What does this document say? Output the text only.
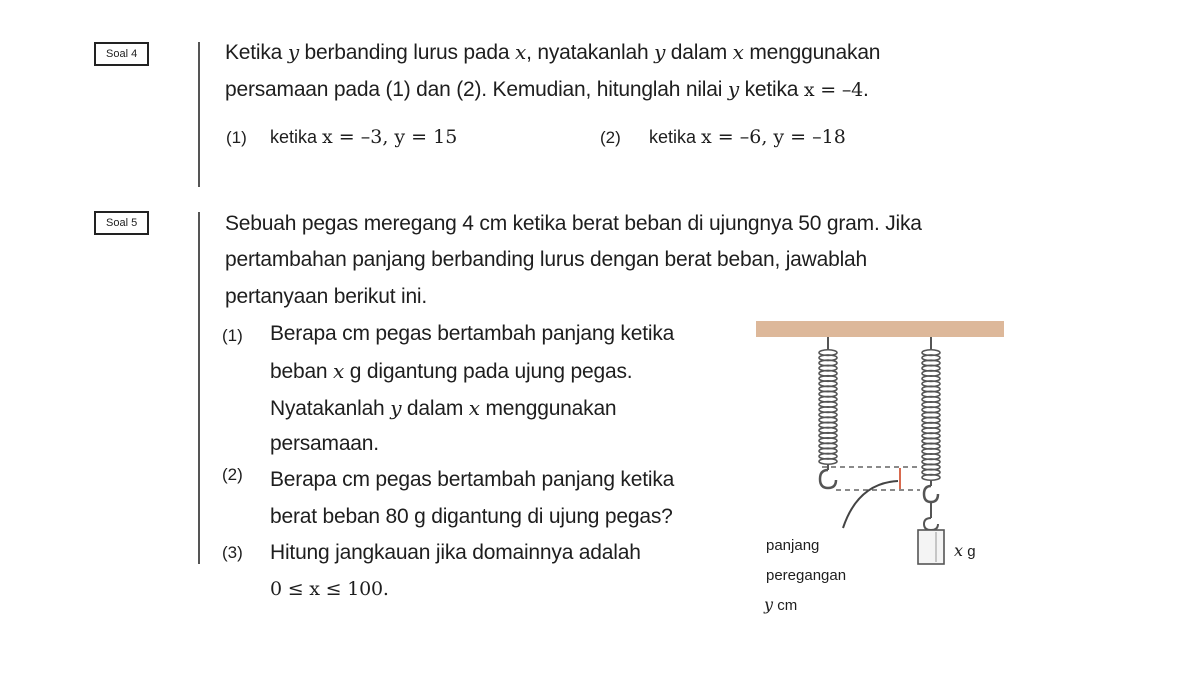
Soal 4	Ketika y berbanding lurus pada x, nyatakanlah y dalam x menggunakan
persamaan pada (1) dan (2). Kemudian, hitunglah nilai y ketika x = –4.
(1) ketika x = –3, y = 15	(2) ketika x = –6, y = –18
Soal 5	Sebuah pegas meregang 4 cm ketika berat beban di ujungnya 50 gram. Jika
pertambahan panjang berbanding lurus dengan berat beban, jawablah
pertanyaan berikut ini.
(1) Berapa cm pegas bertambah panjang ketika
beban x g digantung pada ujung pegas.
Nyatakanlah y dalam x menggunakan
persamaan.
(2) Berapa cm pegas bertambah panjang ketika
berat beban 80 g digantung di ujung pegas?
(3) Hitung jangkauan jika domainnya adalah
0 ≤ x ≤ 100.
panjang
peregangan
y cm
x g
